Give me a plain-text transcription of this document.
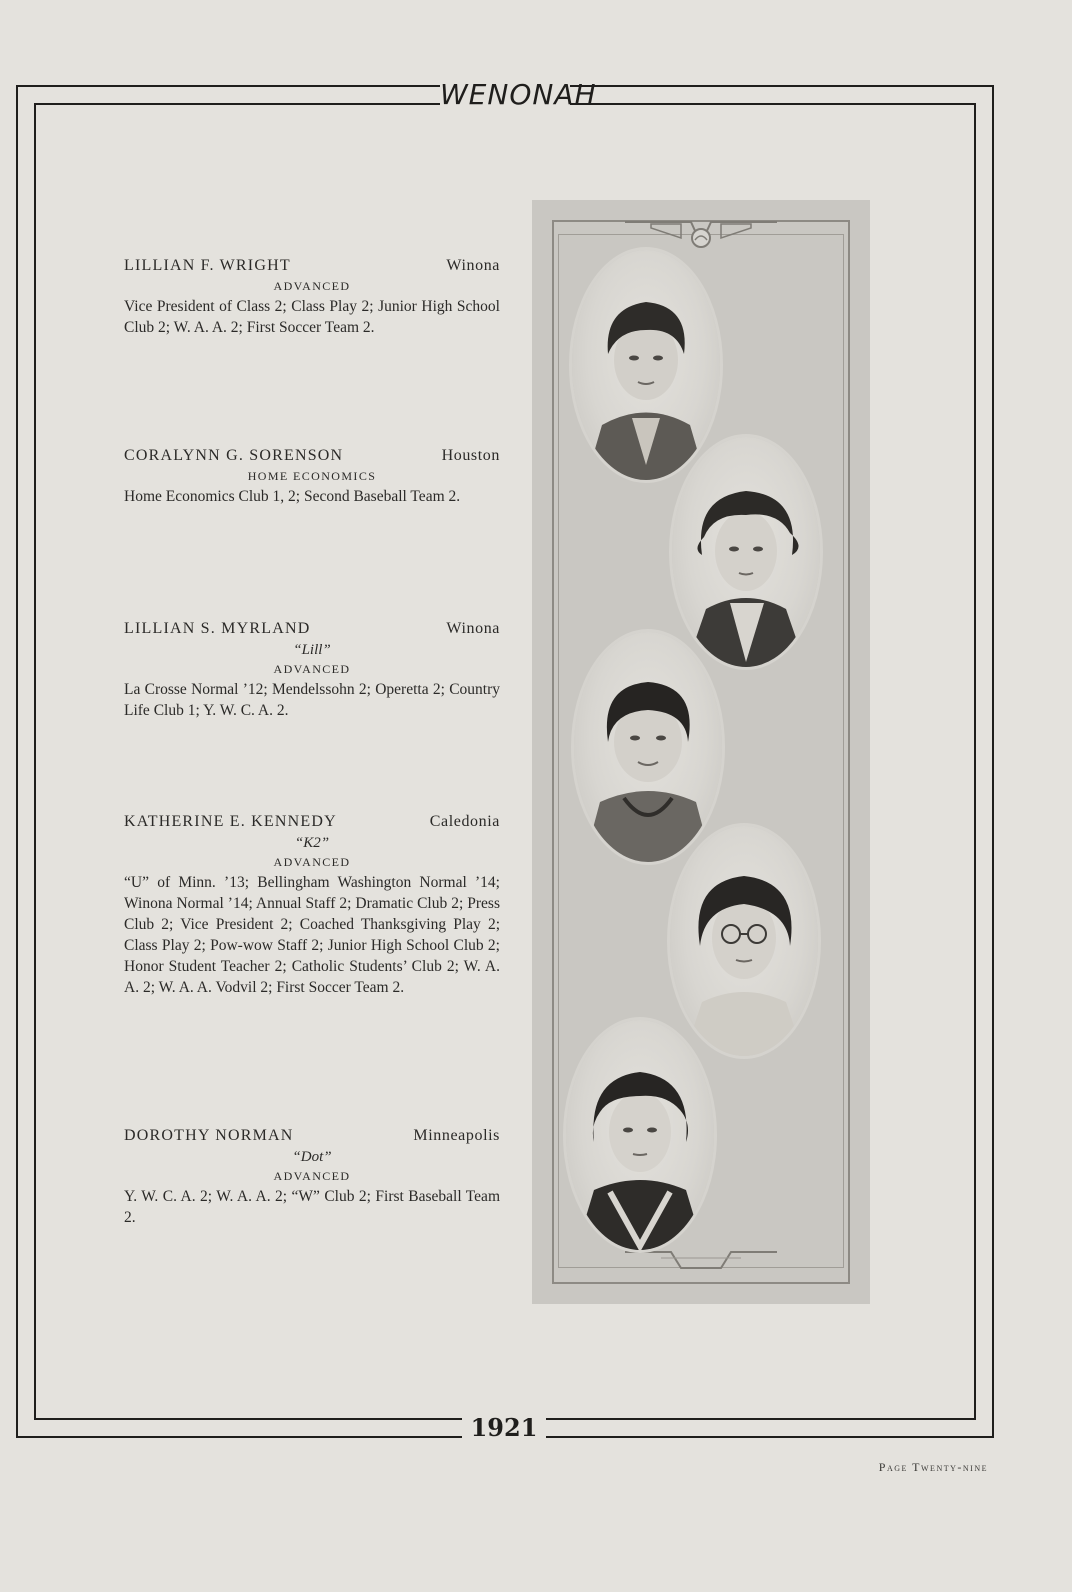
WENONAH
1921
Page Twenty-nine
LILLIAN F. WRIGHT	Winona
ADVANCED
Vice President of Class 2; Class Play 2; Junior High School Club 2; W. A. A. 2; First Soccer Team 2.
CORALYNN G. SORENSON	Houston
HOME ECONOMICS
Home Economics Club 1, 2; Second Baseball Team 2.
LILLIAN S. MYRLAND	Winona
“Lill”
ADVANCED
La Crosse Normal ’12; Mendelssohn 2; Operetta 2; Country Life Club 1; Y. W. C. A. 2.
KATHERINE E. KENNEDY	Caledonia
“K2”
ADVANCED
“U” of Minn. ’13; Bellingham Washington Normal ’14; Winona Normal ’14; Annual Staff 2; Dramatic Club 2; Press Club 2; Vice President 2; Coached Thanksgiving Play 2; Class Play 2; Pow-wow Staff 2; Junior High School Club 2; Honor Student Teacher 2; Catholic Students’ Club 2; W. A. A. 2; W. A. A. Vodvil 2; First Soccer Team 2.
DOROTHY NORMAN	Minneapolis
“Dot”
ADVANCED
Y. W. C. A. 2; W. A. A. 2; “W” Club 2; First Baseball Team 2.
